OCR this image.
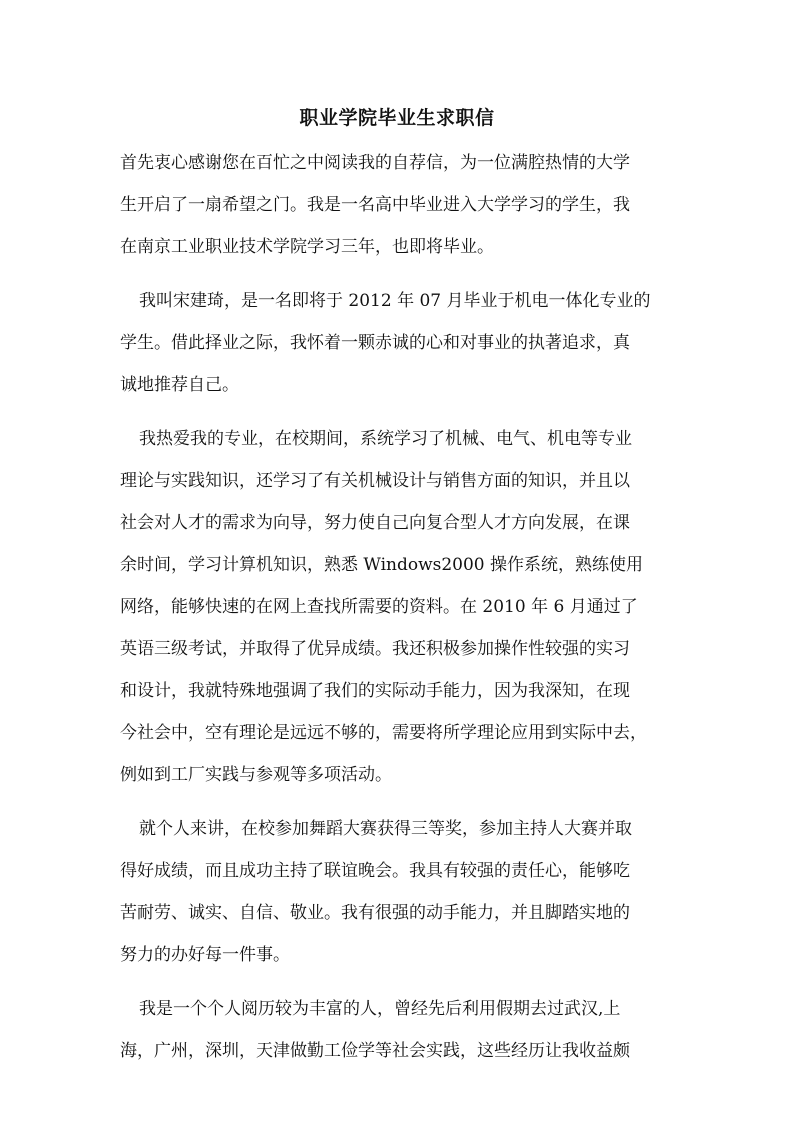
职业学院毕业生求职信
首先衷心感谢您在百忙之中阅读我的自荐信，为一位满腔热情的大学
生开启了一扇希望之门。我是一名高中毕业进入大学学习的学生，我
在南京工业职业技术学院学习三年，也即将毕业。
我叫宋建琦，是一名即将于 2012 年 07 月毕业于机电一体化专业的
学生。借此择业之际，我怀着一颗赤诚的心和对事业的执著追求，真
诚地推荐自己。
我热爱我的专业，在校期间，系统学习了机械、电气、机电等专业
理论与实践知识，还学习了有关机械设计与销售方面的知识，并且以
社会对人才的需求为向导，努力使自己向复合型人才方向发展，在课
余时间，学习计算机知识，熟悉 Windows2000 操作系统，熟练使用
网络，能够快速的在网上查找所需要的资料。在 2010 年 6 月通过了
英语三级考试，并取得了优异成绩。我还积极参加操作性较强的实习
和设计，我就特殊地强调了我们的实际动手能力，因为我深知，在现
今社会中，空有理论是远远不够的，需要将所学理论应用到实际中去，
例如到工厂实践与参观等多项活动。
就个人来讲，在校参加舞蹈大赛获得三等奖，参加主持人大赛并取
得好成绩，而且成功主持了联谊晚会。我具有较强的责任心，能够吃
苦耐劳、诚实、自信、敬业。我有很强的动手能力，并且脚踏实地的
努力的办好每一件事。
我是一个个人阅历较为丰富的人，曾经先后利用假期去过武汉,上
海，广州，深圳，天津做勤工俭学等社会实践，这些经历让我收益颇
